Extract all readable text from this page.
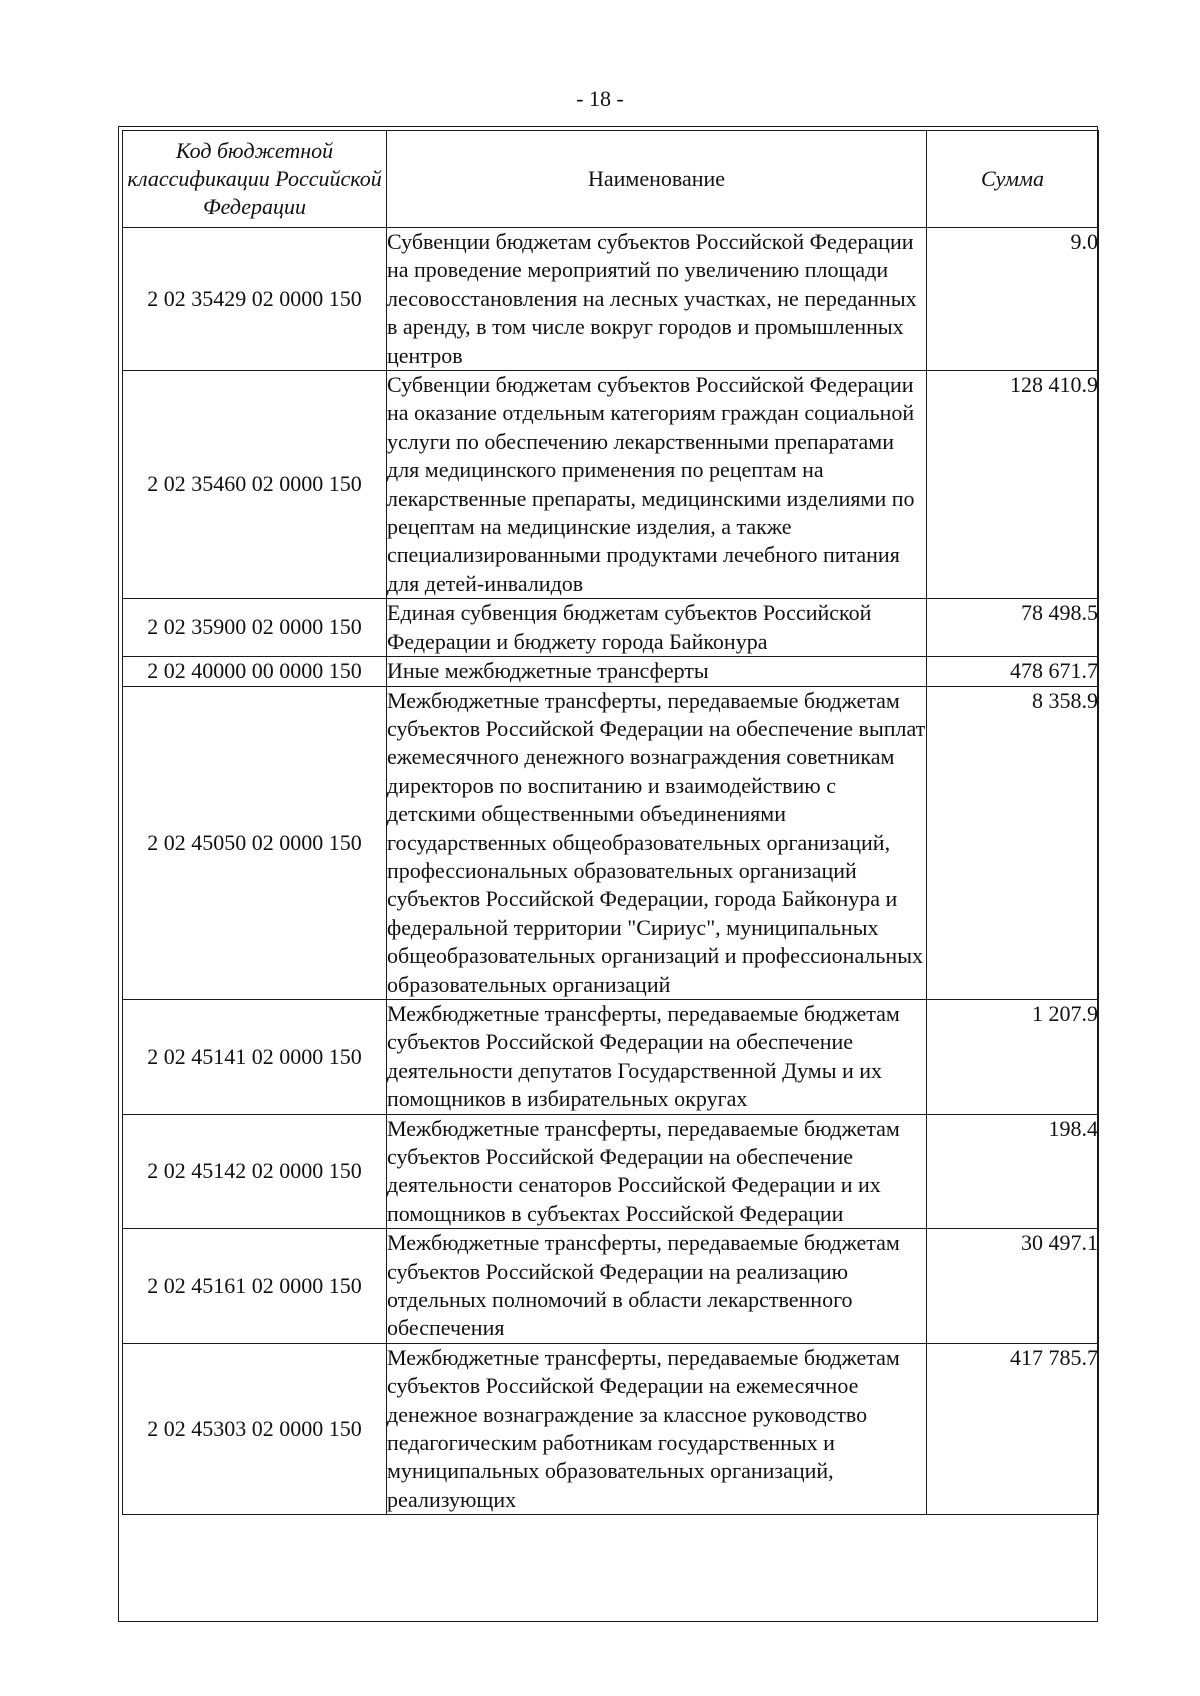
- 18 -
Код бюджетной классификации Российской Федерации	Наименование	Сумма
2 02 35429 02 0000 150	Субвенции бюджетам субъектов Российской Федерации на проведение мероприятий по увеличению площади лесовосстановления на лесных участках, не переданных в аренду, в том числе вокруг городов и промышленных центров	9.0
2 02 35460 02 0000 150	Субвенции бюджетам субъектов Российской Федерации на оказание отдельным категориям граждан социальной услуги по обеспечению лекарственными препаратами для медицинского применения по рецептам на лекарственные препараты, медицинскими изделиями по рецептам на медицинские изделия, а также специализированными продуктами лечебного питания для детей-инвалидов	128 410.9
2 02 35900 02 0000 150	Единая субвенция бюджетам субъектов Российской Федерации и бюджету города Байконура	78 498.5
2 02 40000 00 0000 150	Иные межбюджетные трансферты	478 671.7
2 02 45050 02 0000 150	Межбюджетные трансферты, передаваемые бюджетам субъектов Российской Федерации на обеспечение выплат ежемесячного денежного вознаграждения советникам директоров по воспитанию и взаимодействию с детскими общественными объединениями государственных общеобразовательных организаций, профессиональных образовательных организаций субъектов Российской Федерации, города Байконура и федеральной территории "Сириус", муниципальных общеобразовательных организаций и профессиональных образовательных организаций	8 358.9
2 02 45141 02 0000 150	Межбюджетные трансферты, передаваемые бюджетам субъектов Российской Федерации на обеспечение деятельности депутатов Государственной Думы и их помощников в избирательных округах	1 207.9
2 02 45142 02 0000 150	Межбюджетные трансферты, передаваемые бюджетам субъектов Российской Федерации на обеспечение деятельности сенаторов Российской Федерации и их помощников в субъектах Российской Федерации	198.4
2 02 45161 02 0000 150	Межбюджетные трансферты, передаваемые бюджетам субъектов Российской Федерации на реализацию отдельных полномочий в области лекарственного обеспечения	30 497.1
2 02 45303 02 0000 150	Межбюджетные трансферты, передаваемые бюджетам субъектов Российской Федерации на ежемесячное денежное вознаграждение за классное руководство педагогическим работникам государственных и муниципальных образовательных организаций, реализующих	417 785.7
